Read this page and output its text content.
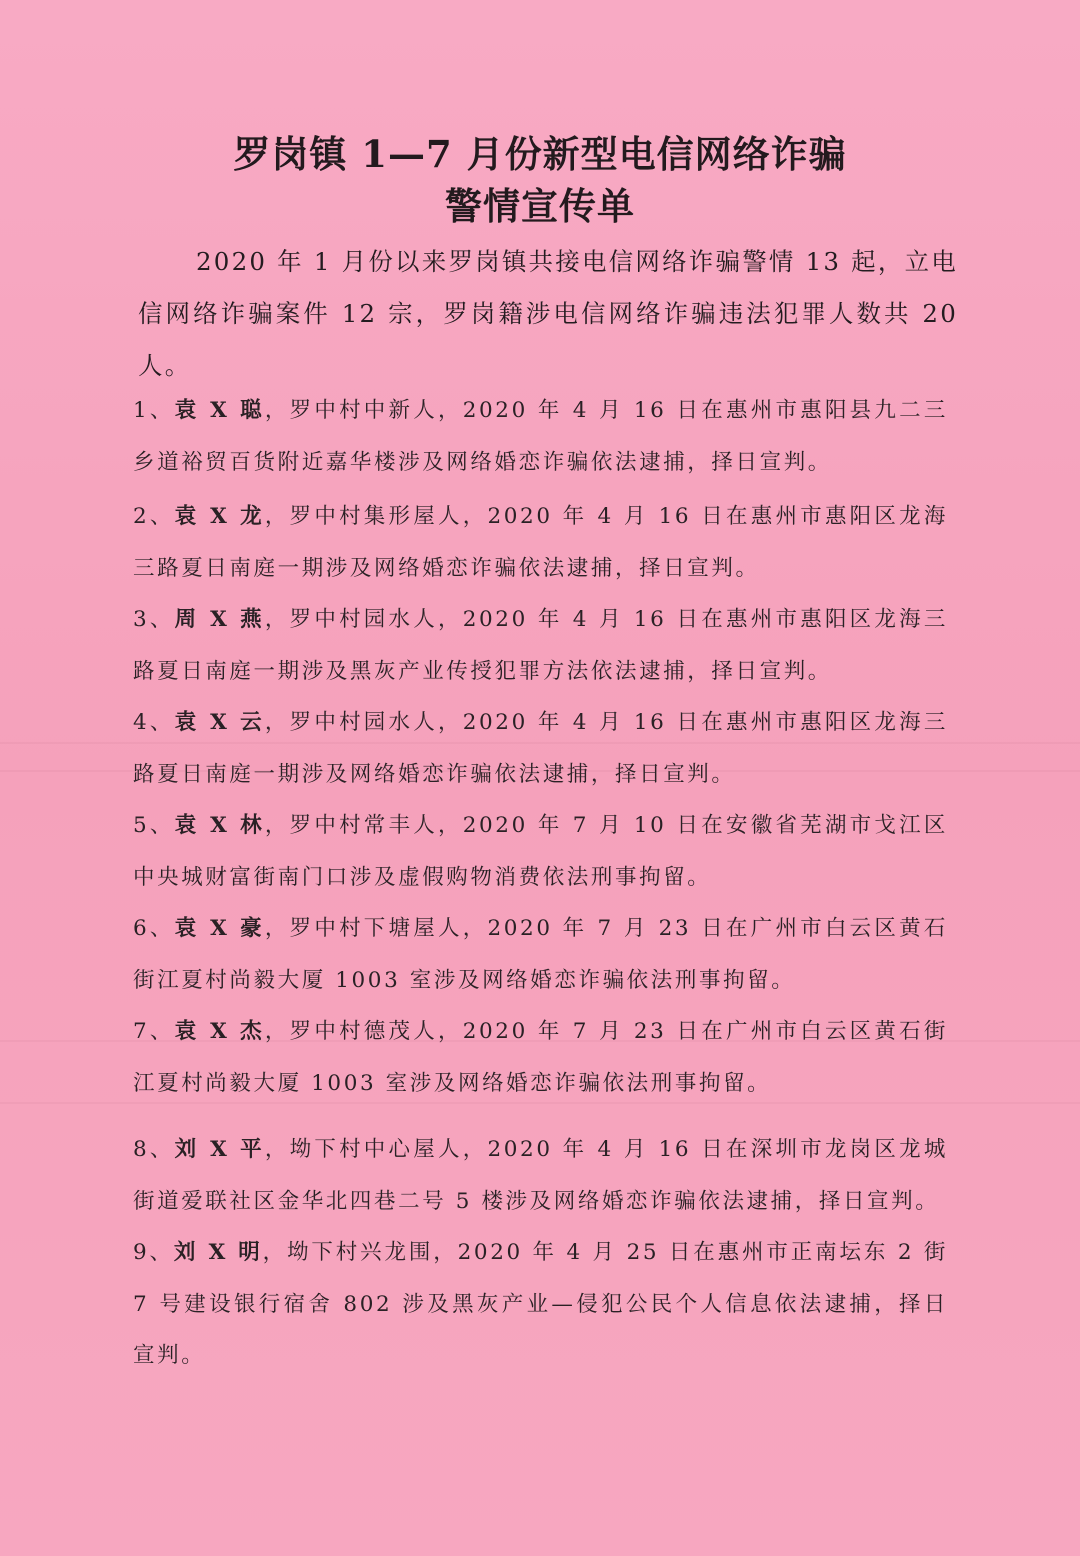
罗岗镇 1—7 月份新型电信网络诈骗
警情宣传单
2020 年 1 月份以来罗岗镇共接电信网络诈骗警情 13 起，立电信网络诈骗案件 12 宗，罗岗籍涉电信网络诈骗违法犯罪人数共 20 人。
1、袁 X 聪，罗中村中新人，2020 年 4 月 16 日在惠州市惠阳县九二三乡道裕贸百货附近嘉华楼涉及网络婚恋诈骗依法逮捕，择日宣判。
2、袁 X 龙，罗中村集形屋人，2020 年 4 月 16 日在惠州市惠阳区龙海三路夏日南庭一期涉及网络婚恋诈骗依法逮捕，择日宣判。
3、周 X 燕，罗中村园水人，2020 年 4 月 16 日在惠州市惠阳区龙海三路夏日南庭一期涉及黑灰产业传授犯罪方法依法逮捕，择日宣判。
4、袁 X 云，罗中村园水人，2020 年 4 月 16 日在惠州市惠阳区龙海三路夏日南庭一期涉及网络婚恋诈骗依法逮捕，择日宣判。
5、袁 X 林，罗中村常丰人，2020 年 7 月 10 日在安徽省芜湖市戈江区中央城财富街南门口涉及虚假购物消费依法刑事拘留。
6、袁 X 豪，罗中村下塘屋人，2020 年 7 月 23 日在广州市白云区黄石街江夏村尚毅大厦 1003 室涉及网络婚恋诈骗依法刑事拘留。
7、袁 X 杰，罗中村德茂人，2020 年 7 月 23 日在广州市白云区黄石街江夏村尚毅大厦 1003 室涉及网络婚恋诈骗依法刑事拘留。
8、刘 X 平，坳下村中心屋人，2020 年 4 月 16 日在深圳市龙岗区龙城街道爱联社区金华北四巷二号 5 楼涉及网络婚恋诈骗依法逮捕，择日宣判。
9、刘 X 明，坳下村兴龙围，2020 年 4 月 25 日在惠州市正南坛东 2 街 7 号建设银行宿舍 802 涉及黑灰产业—侵犯公民个人信息依法逮捕，择日宣判。
